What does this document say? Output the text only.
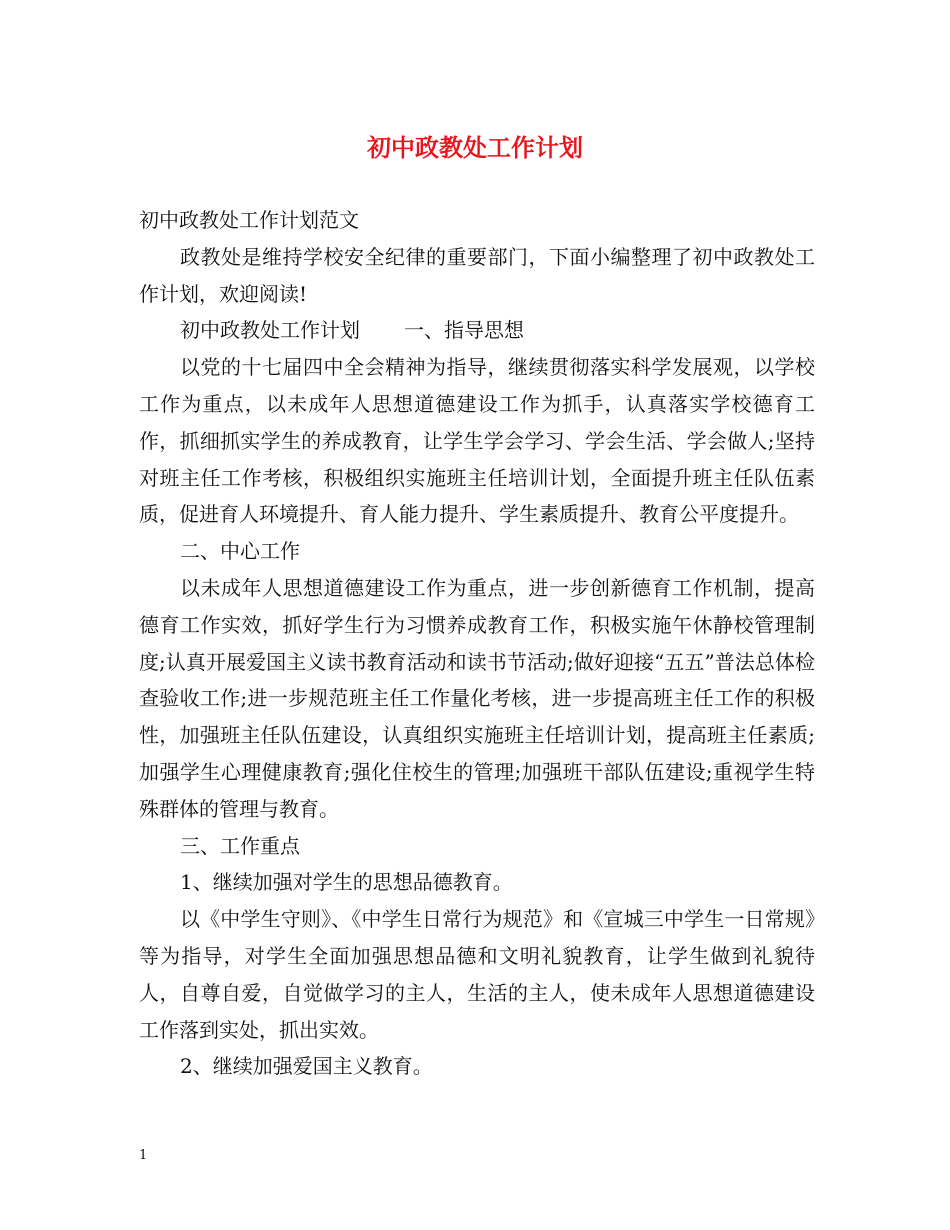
初中政教处工作计划

初中政教处工作计划范文

政教处是维持学校安全纪律的重要部门，下面小编整理了初中政教处工作计划，欢迎阅读!

初中政教处工作计划 一、指导思想

以党的十七届四中全会精神为指导，继续贯彻落实科学发展观，以学校工作为重点，以未成年人思想道德建设工作为抓手，认真落实学校德育工作，抓细抓实学生的养成教育，让学生学会学习、学会生活、学会做人;坚持对班主任工作考核，积极组织实施班主任培训计划，全面提升班主任队伍素质，促进育人环境提升、育人能力提升、学生素质提升、教育公平度提升。

二、中心工作

以未成年人思想道德建设工作为重点，进一步创新德育工作机制，提高德育工作实效，抓好学生行为习惯养成教育工作，积极实施午休静校管理制度;认真开展爱国主义读书教育活动和读书节活动;做好迎接“五五”普法总体检查验收工作;进一步规范班主任工作量化考核，进一步提高班主任工作的积极性，加强班主任队伍建设，认真组织实施班主任培训计划，提高班主任素质;加强学生心理健康教育;强化住校生的管理;加强班干部队伍建设;重视学生特殊群体的管理与教育。

三、工作重点

1、继续加强对学生的思想品德教育。

以《中学生守则》、《中学生日常行为规范》和《宣城三中学生一日常规》等为指导，对学生全面加强思想品德和文明礼貌教育，让学生做到礼貌待人，自尊自爱，自觉做学习的主人，生活的主人，使未成年人思想道德建设工作落到实处，抓出实效。

2、继续加强爱国主义教育。

1
